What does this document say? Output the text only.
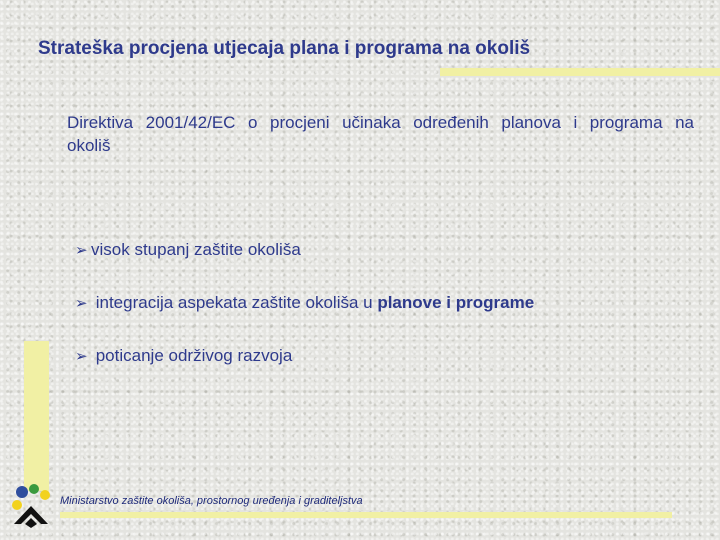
Strateška procjena utjecaja plana i programa na okoliš

Direktiva 2001/42/EC o procjeni učinaka određenih planova i programa na okoliš

➢ visok stupanj zaštite okoliša
➢ integracija aspekata zaštite okoliša u planove i programe
➢ poticanje održivog razvoja

Ministarstvo zaštite okoliša, prostornog uređenja i graditeljstva
